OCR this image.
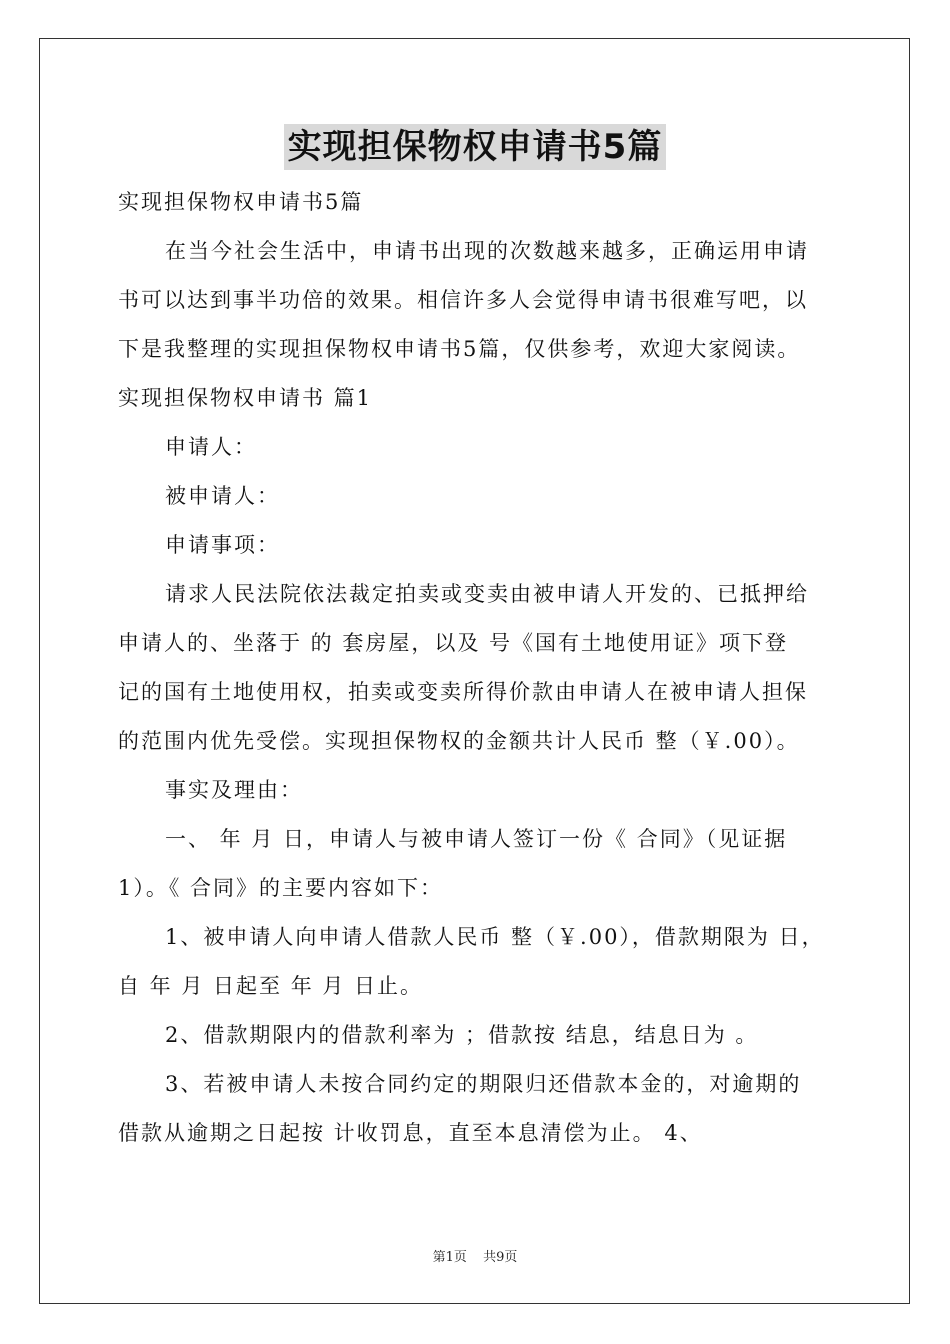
实现担保物权申请书5篇
实现担保物权申请书5篇
在当今社会生活中，申请书出现的次数越来越多，正确运用申请
书可以达到事半功倍的效果。相信许多人会觉得申请书很难写吧，以
下是我整理的实现担保物权申请书5篇，仅供参考，欢迎大家阅读。
实现担保物权申请书 篇1
申请人：
被申请人：
申请事项：
请求人民法院依法裁定拍卖或变卖由被申请人开发的、已抵押给
申请人的、坐落于 的 套房屋，以及 号《国有土地使用证》项下登
记的国有土地使用权，拍卖或变卖所得价款由申请人在被申请人担保
的范围内优先受偿。实现担保物权的金额共计人民币 整（￥.00）。
事实及理由：
一、 年 月 日，申请人与被申请人签订一份《 合同》（见证据
1）。《 合同》的主要内容如下：
1、被申请人向申请人借款人民币 整（￥.00），借款期限为 日，
自 年 月 日起至 年 月 日止。
2、借款期限内的借款利率为 ；借款按 结息，结息日为 。
3、若被申请人未按合同约定的期限归还借款本金的，对逾期的
借款从逾期之日起按 计收罚息，直至本息清偿为止。 4、
第1页 共9页
